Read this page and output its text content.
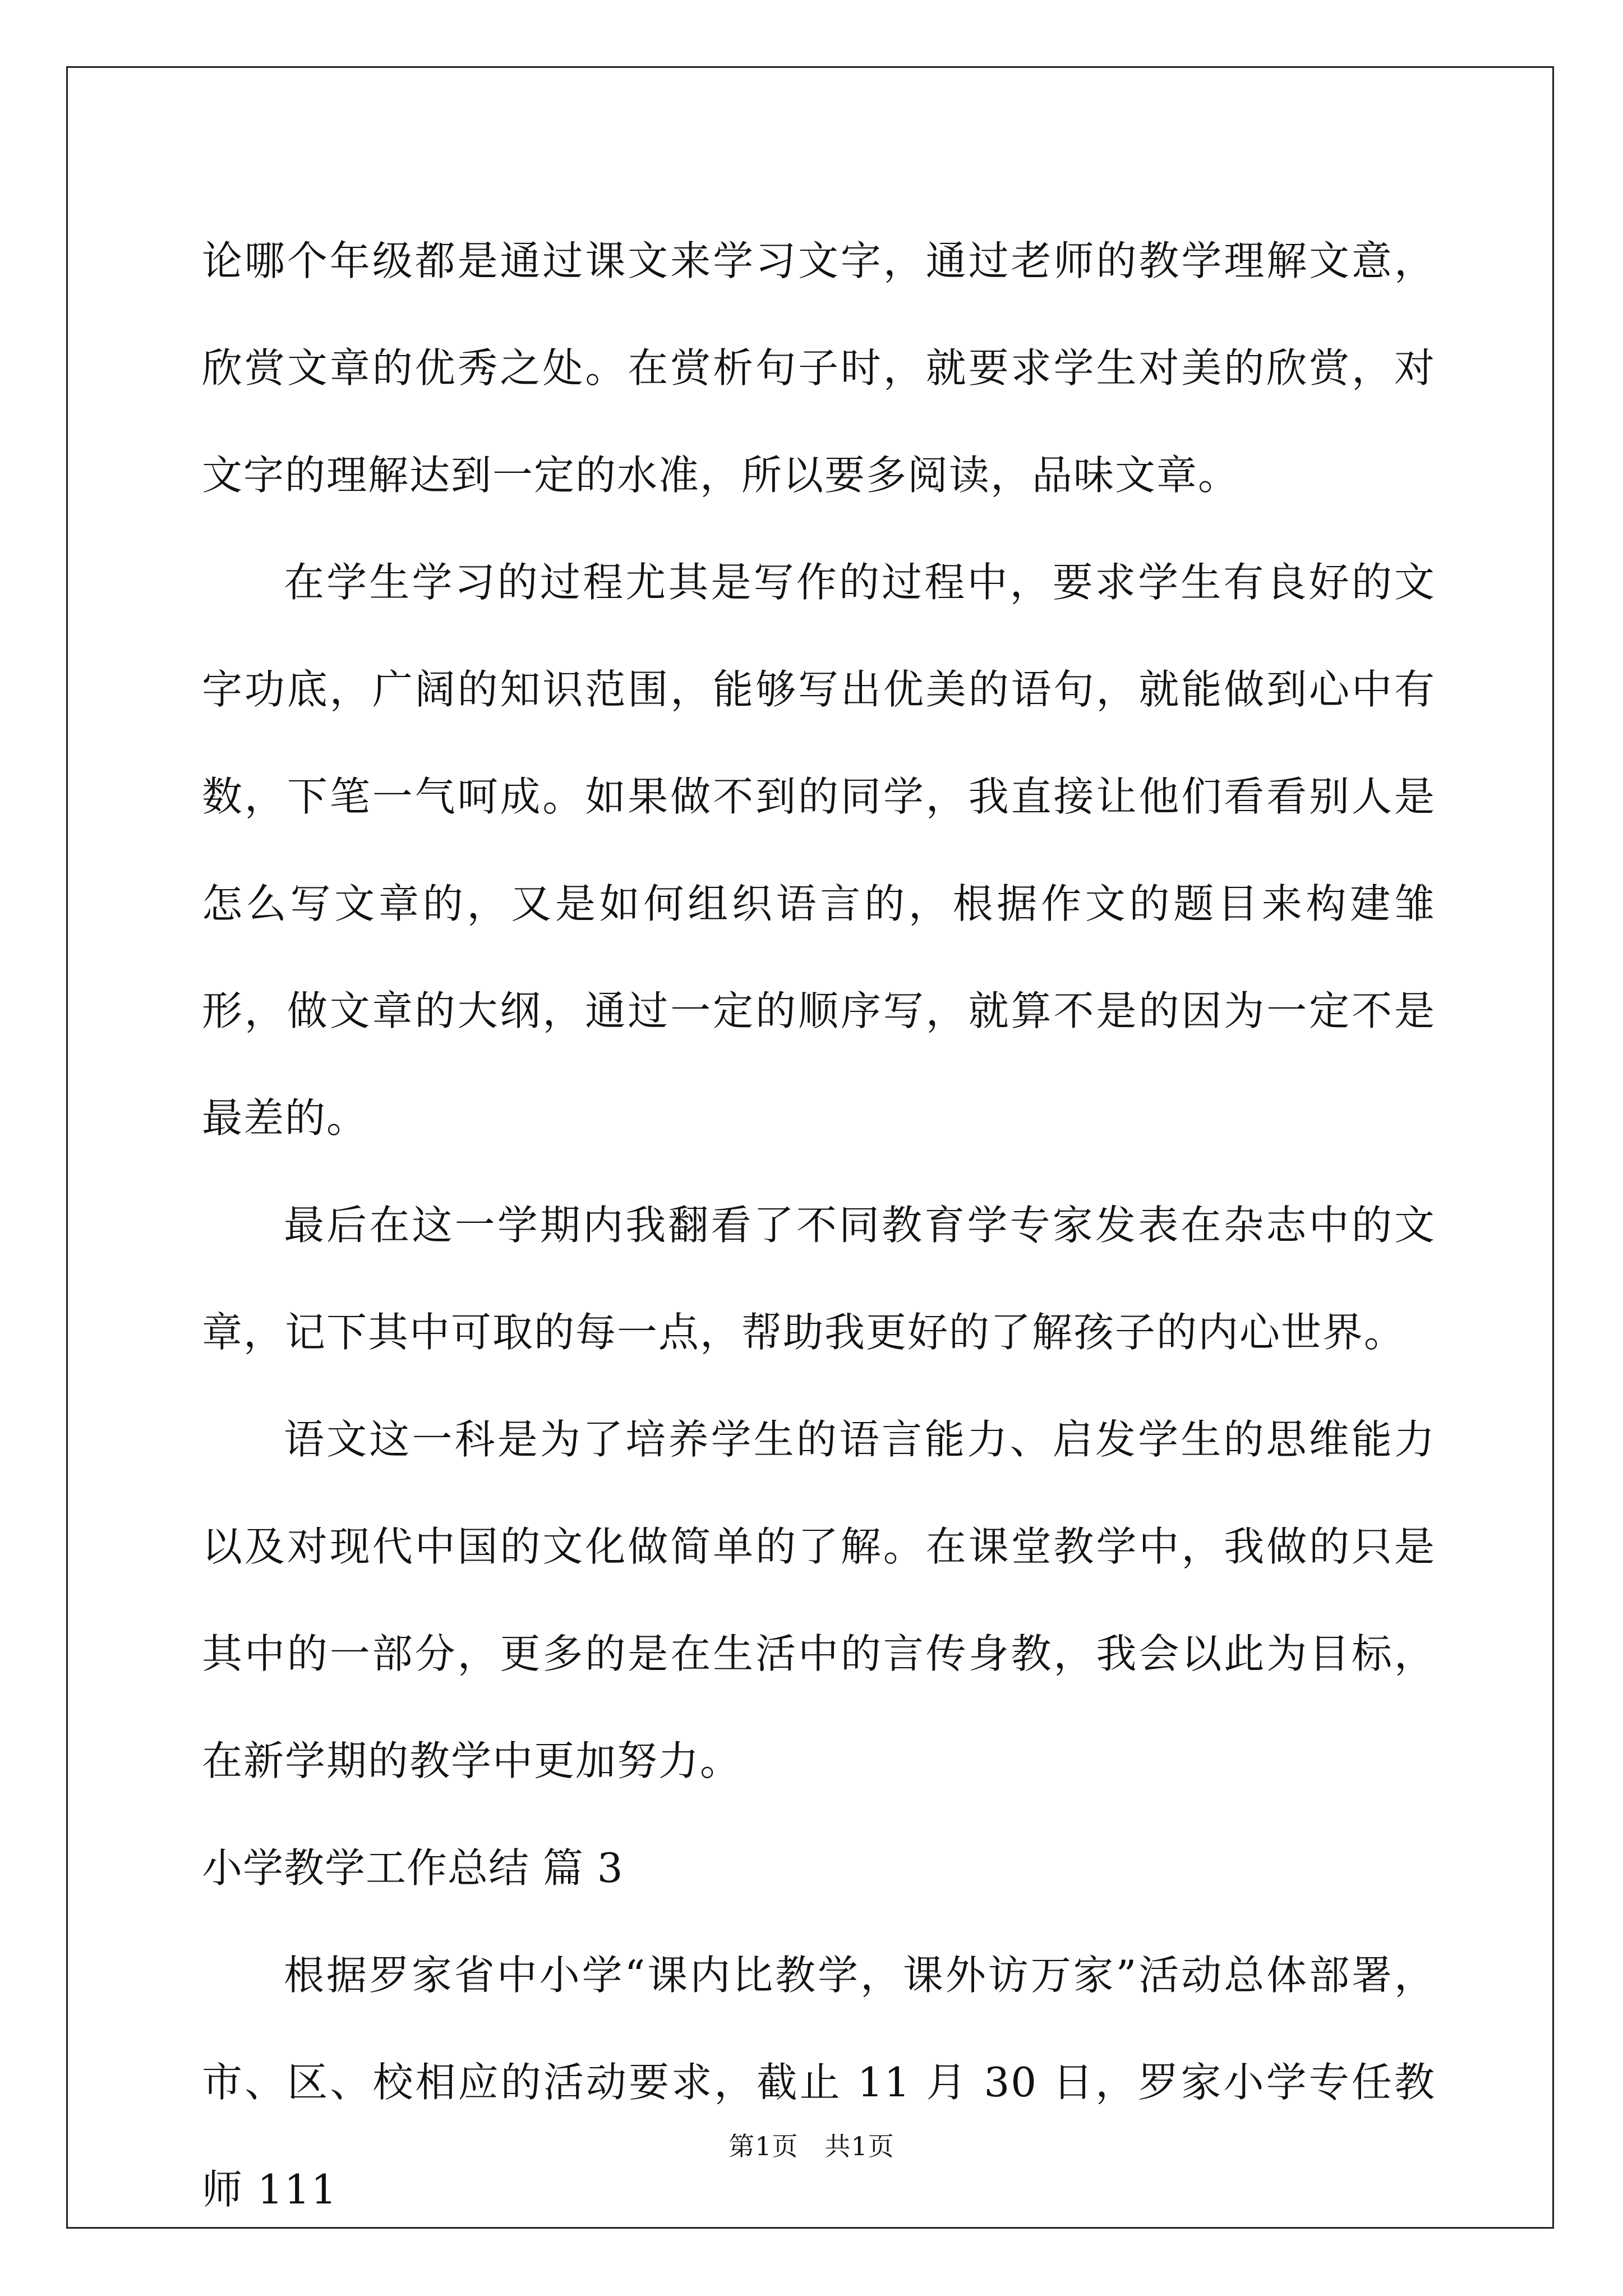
论哪个年级都是通过课文来学习文字，通过老师的教学理解文意，欣赏文章的优秀之处。在赏析句子时，就要求学生对美的欣赏，对文字的理解达到一定的水准，所以要多阅读，品味文章。

在学生学习的过程尤其是写作的过程中，要求学生有良好的文字功底，广阔的知识范围，能够写出优美的语句，就能做到心中有数，下笔一气呵成。如果做不到的同学，我直接让他们看看别人是怎么写文章的，又是如何组织语言的，根据作文的题目来构建雏形，做文章的大纲，通过一定的顺序写，就算不是的因为一定不是最差的。

最后在这一学期内我翻看了不同教育学专家发表在杂志中的文章，记下其中可取的每一点，帮助我更好的了解孩子的内心世界。

语文这一科是为了培养学生的语言能力、启发学生的思维能力以及对现代中国的文化做简单的了解。在课堂教学中，我做的只是其中的一部分，更多的是在生活中的言传身教，我会以此为目标，在新学期的教学中更加努力。

小学教学工作总结 篇 3

根据罗家省中小学“课内比教学，课外访万家”活动总体部署，市、区、校相应的活动要求，截止 11 月 30 日，罗家小学专任教师 111

第1页 共1页
